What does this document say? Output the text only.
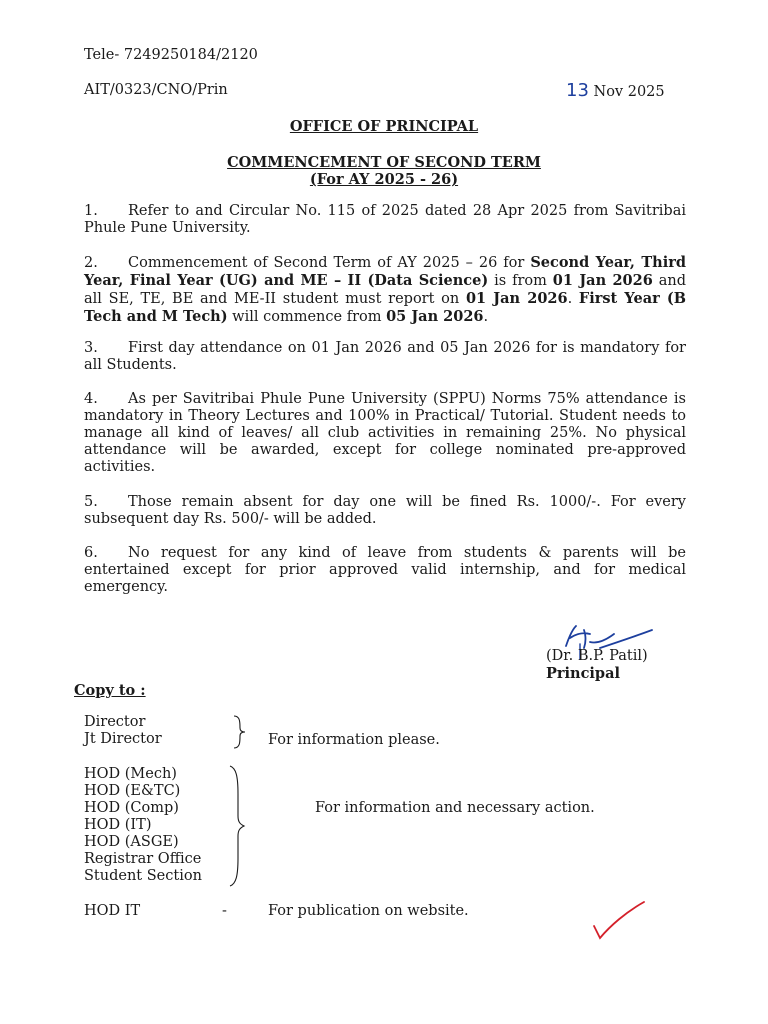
Tele- 7249250184/2120
AIT/0323/CNO/Prin	13 Nov 2025
OFFICE OF PRINCIPAL
COMMENCEMENT OF SECOND TERM
(For AY 2025 - 26)
1. Refer to and Circular No. 115 of 2025 dated 28 Apr 2025 from Savitribai Phule Pune University.
2. Commencement of Second Term of AY 2025 – 26 for Second Year, Third Year, Final Year (UG) and ME – II (Data Science) is from 01 Jan 2026 and all SE, TE, BE and ME-II student must report on 01 Jan 2026. First Year (B Tech and M Tech) will commence from 05 Jan 2026.
3. First day attendance on 01 Jan 2026 and 05 Jan 2026 for is mandatory for all Students.
4. As per Savitribai Phule Pune University (SPPU) Norms 75% attendance is mandatory in Theory Lectures and 100% in Practical/ Tutorial. Student needs to manage all kind of leaves/ all club activities in remaining 25%. No physical attendance will be awarded, except for college nominated pre-approved activities.
5. Those remain absent for day one will be fined Rs. 1000/-. For every subsequent day Rs. 500/- will be added.
6. No request for any kind of leave from students & parents will be entertained except for prior approved valid internship, and for medical emergency.
(Dr. B.P. Patil)
Principal
Copy to :
Director
Jt Director	For information please.
HOD (Mech)
HOD (E&TC)
HOD (Comp)
HOD (IT)
HOD (ASGE)
Registrar Office
Student Section
For information and necessary action.
HOD IT	-	For publication on website.
